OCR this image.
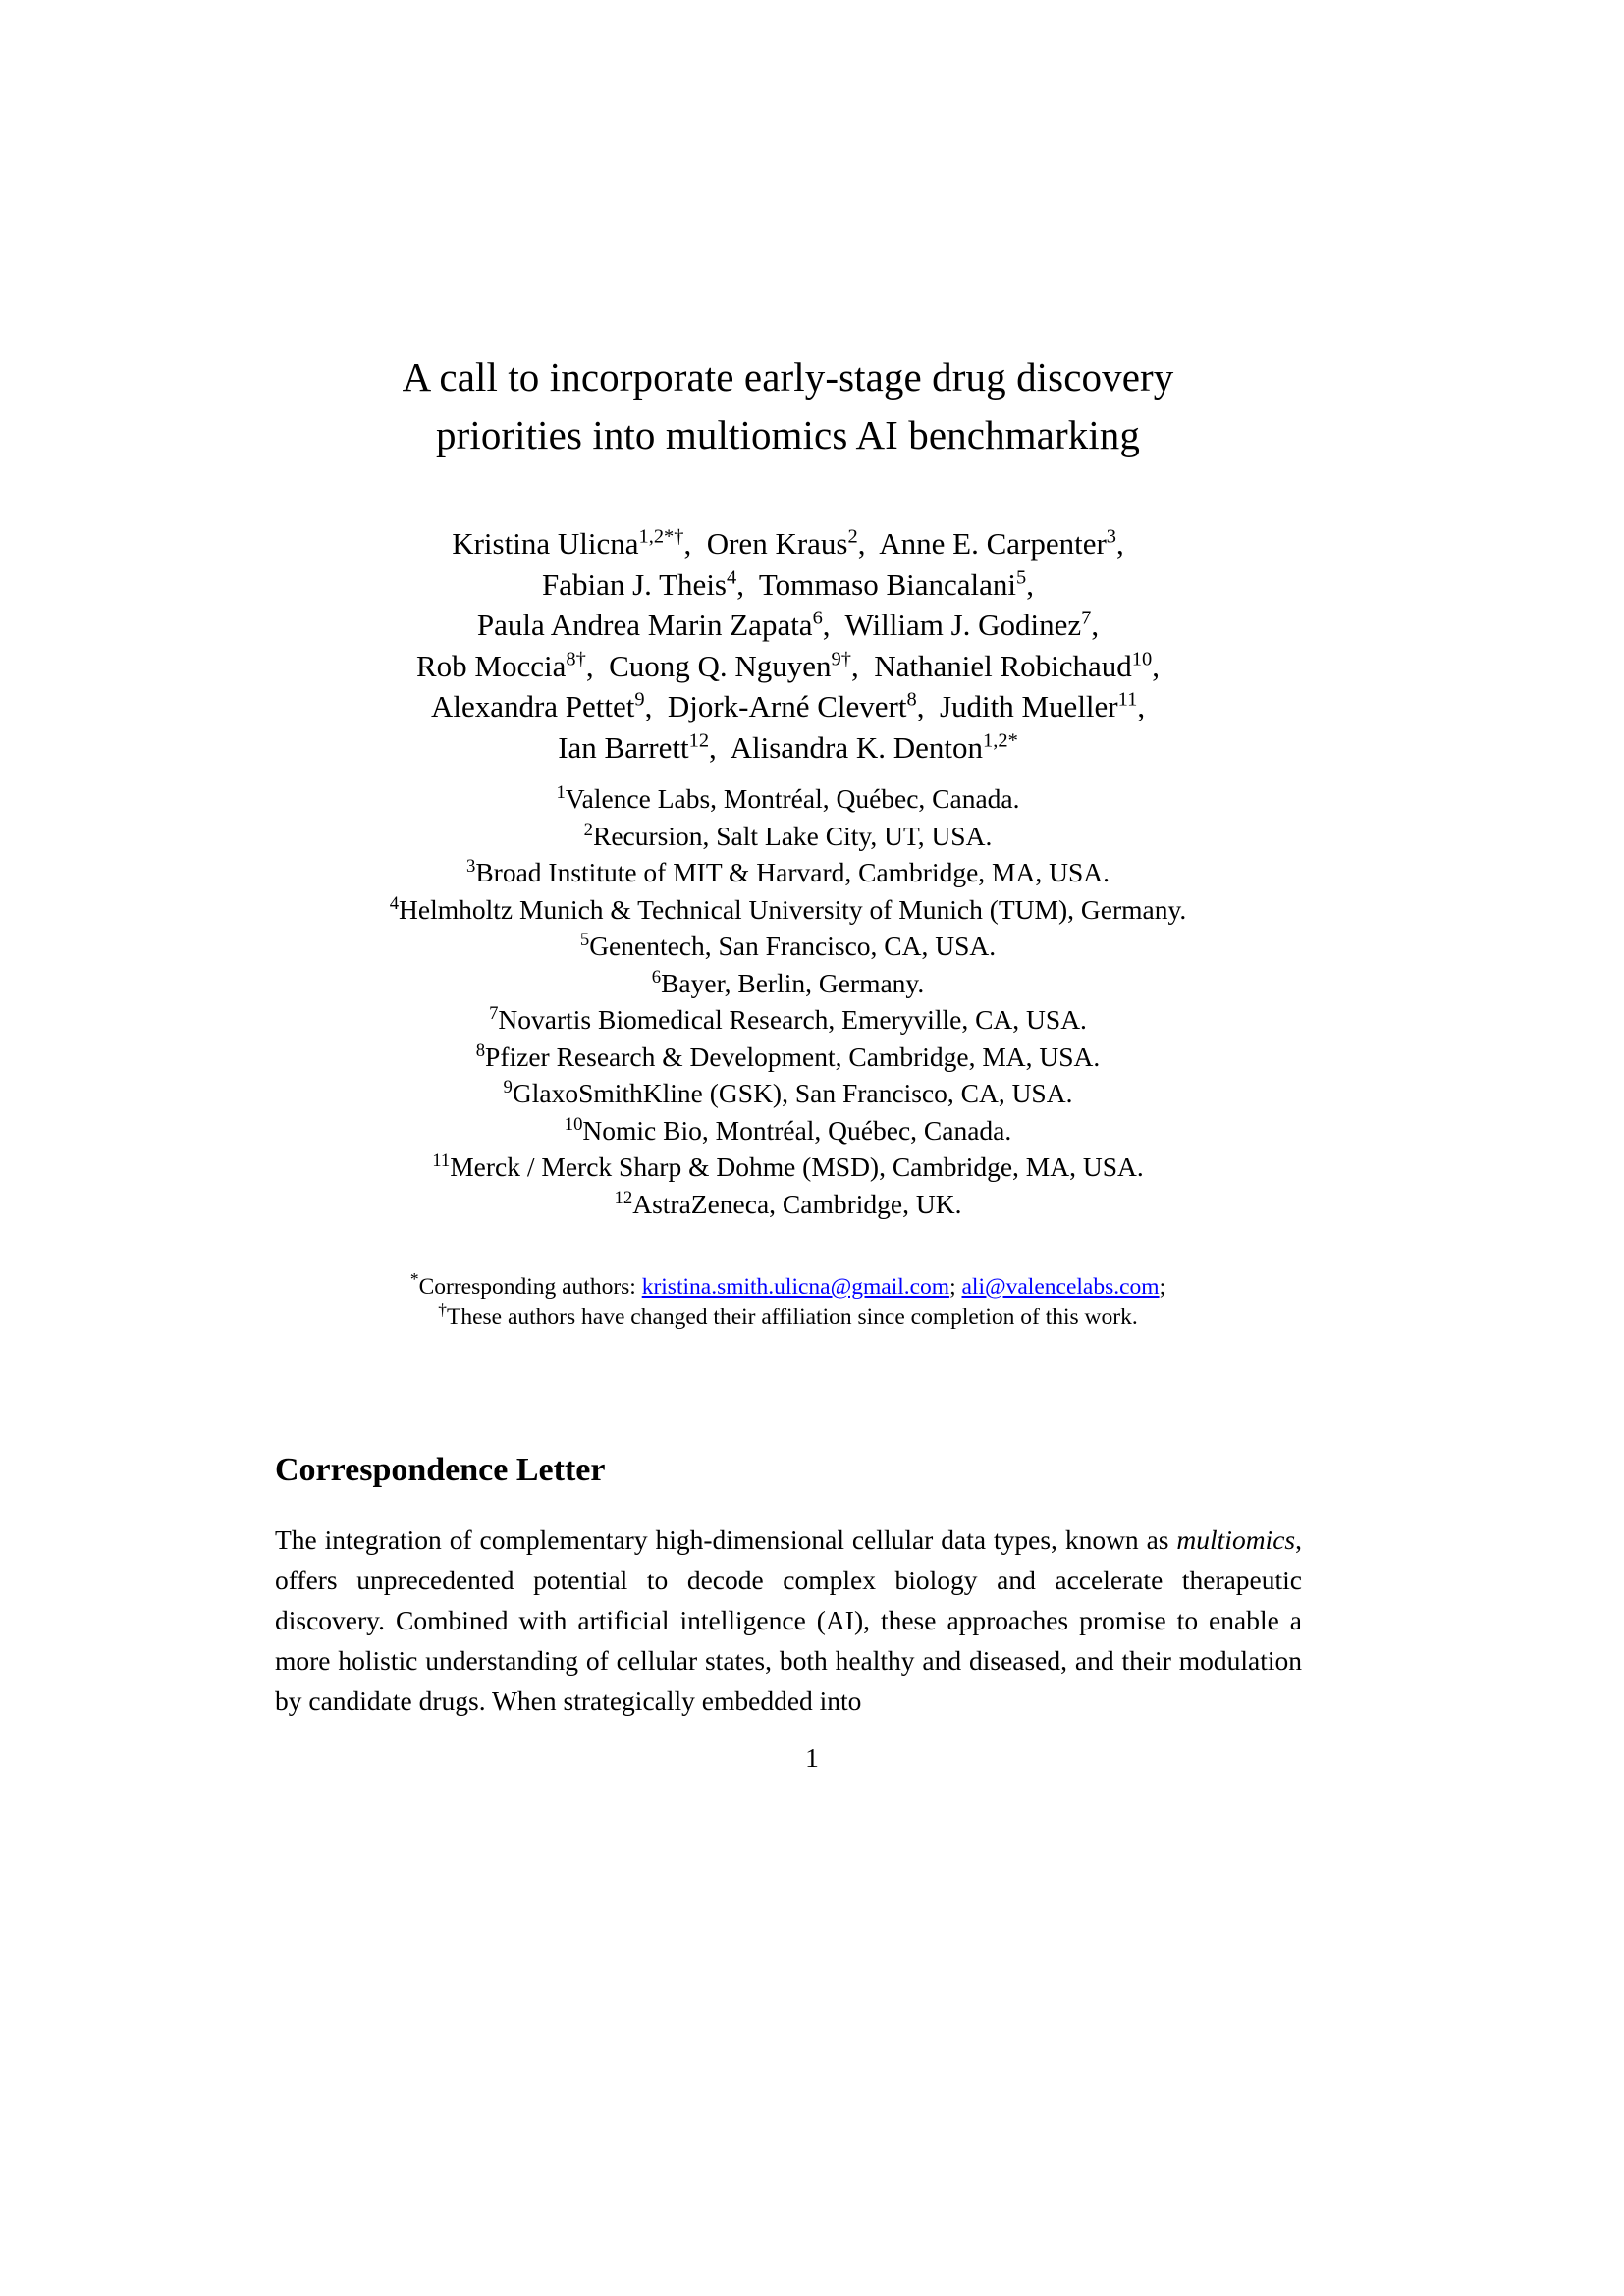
A call to incorporate early-stage drug discovery
priorities into multiomics AI benchmarking
Kristina Ulicna$^{1,2*\dagger}$,  Oren Kraus$^2$,  Anne E. Carpenter$^3$,
Fabian J. Theis$^4$,  Tommaso Biancalani$^5$,
Paula Andrea Marin Zapata$^6$,  William J. Godinez$^7$,
Rob Moccia$^{8\dagger}$,  Cuong Q. Nguyen$^{9\dagger}$,  Nathaniel Robichaud$^{10}$,
Alexandra Pettet$^9$,  Djork-Arné Clevert$^8$,  Judith Mueller$^{11}$,
Ian Barrett$^{12}$,  Alisandra K. Denton$^{1,2*}$
$^1$Valence Labs, Montréal, Québec, Canada.
$^2$Recursion, Salt Lake City, UT, USA.
$^3$Broad Institute of MIT & Harvard, Cambridge, MA, USA.
$^4$Helmholtz Munich & Technical University of Munich (TUM), Germany.
$^5$Genentech, San Francisco, CA, USA.
$^6$Bayer, Berlin, Germany.
$^7$Novartis Biomedical Research, Emeryville, CA, USA.
$^8$Pfizer Research & Development, Cambridge, MA, USA.
$^9$GlaxoSmithKline (GSK), San Francisco, CA, USA.
$^{10}$Nomic Bio, Montréal, Québec, Canada.
$^{11}$Merck / Merck Sharp & Dohme (MSD), Cambridge, MA, USA.
$^{12}$AstraZeneca, Cambridge, UK.
*Corresponding authors: kristina.smith.ulicna@gmail.com; ali@valencelabs.com;
†These authors have changed their affiliation since completion of this work.
Correspondence Letter

The integration of complementary high-dimensional cellular data types, known as multiomics, offers unprecedented potential to decode complex biology and accelerate therapeutic discovery. Combined with artificial intelligence (AI), these approaches promise to enable a more holistic understanding of cellular states, both healthy and diseased, and their modulation by candidate drugs. When strategically embedded into

1
